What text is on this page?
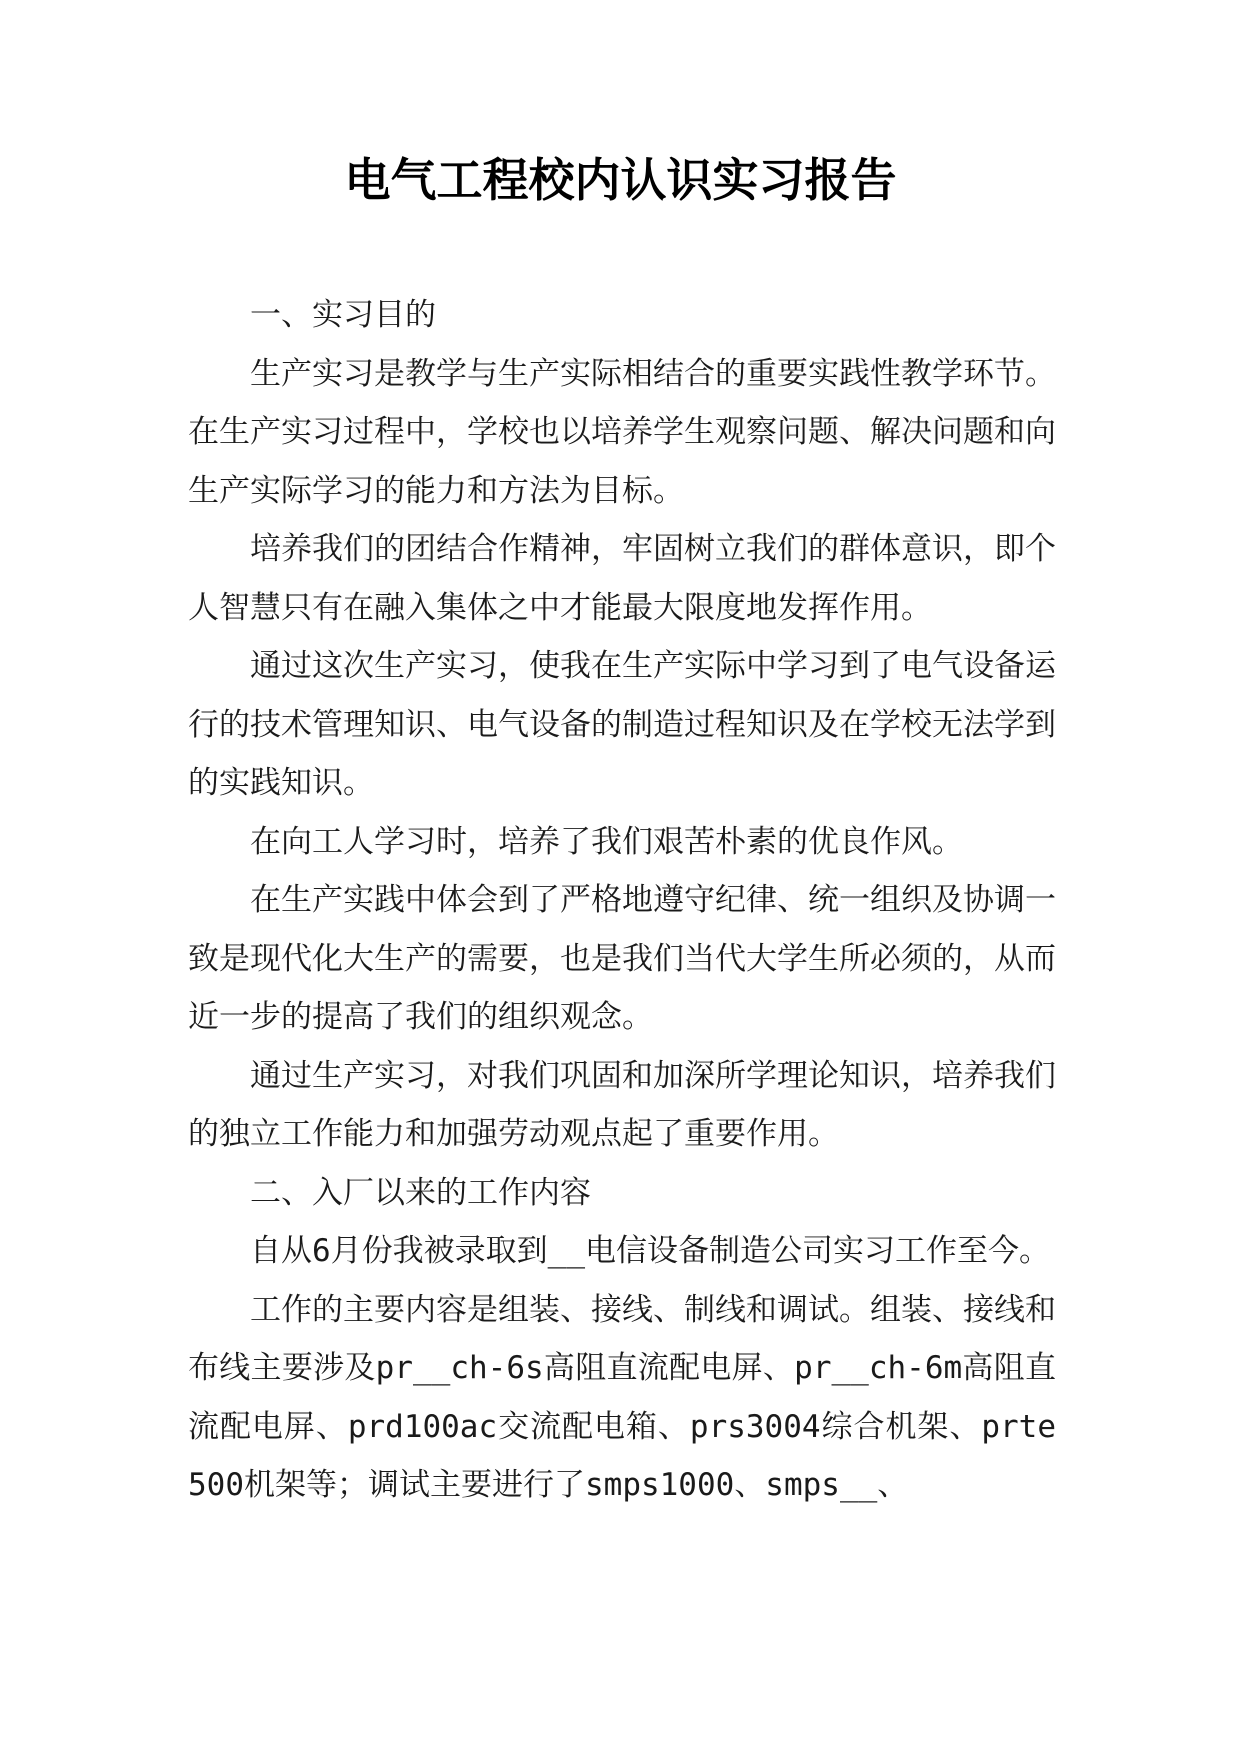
电气工程校内认识实习报告

一、实习目的

生产实习是教学与生产实际相结合的重要实践性教学环节。在生产实习过程中，学校也以培养学生观察问题、解决问题和向生产实际学习的能力和方法为目标。

培养我们的团结合作精神，牢固树立我们的群体意识，即个人智慧只有在融入集体之中才能最大限度地发挥作用。

通过这次生产实习，使我在生产实际中学习到了电气设备运行的技术管理知识、电气设备的制造过程知识及在学校无法学到的实践知识。

在向工人学习时，培养了我们艰苦朴素的优良作风。

在生产实践中体会到了严格地遵守纪律、统一组织及协调一致是现代化大生产的需要，也是我们当代大学生所必须的，从而近一步的提高了我们的组织观念。

通过生产实习，对我们巩固和加深所学理论知识，培养我们的独立工作能力和加强劳动观点起了重要作用。

二、入厂以来的工作内容

自从6月份我被录取到__电信设备制造公司实习工作至今。

工作的主要内容是组装、接线、制线和调试。组装、接线和布线主要涉及pr__ch-6s高阻直流配电屏、pr__ch-6m高阻直流配电屏、prd100ac交流配电箱、prs3004综合机架、prte500机架等；调试主要进行了smps1000、smps__、
